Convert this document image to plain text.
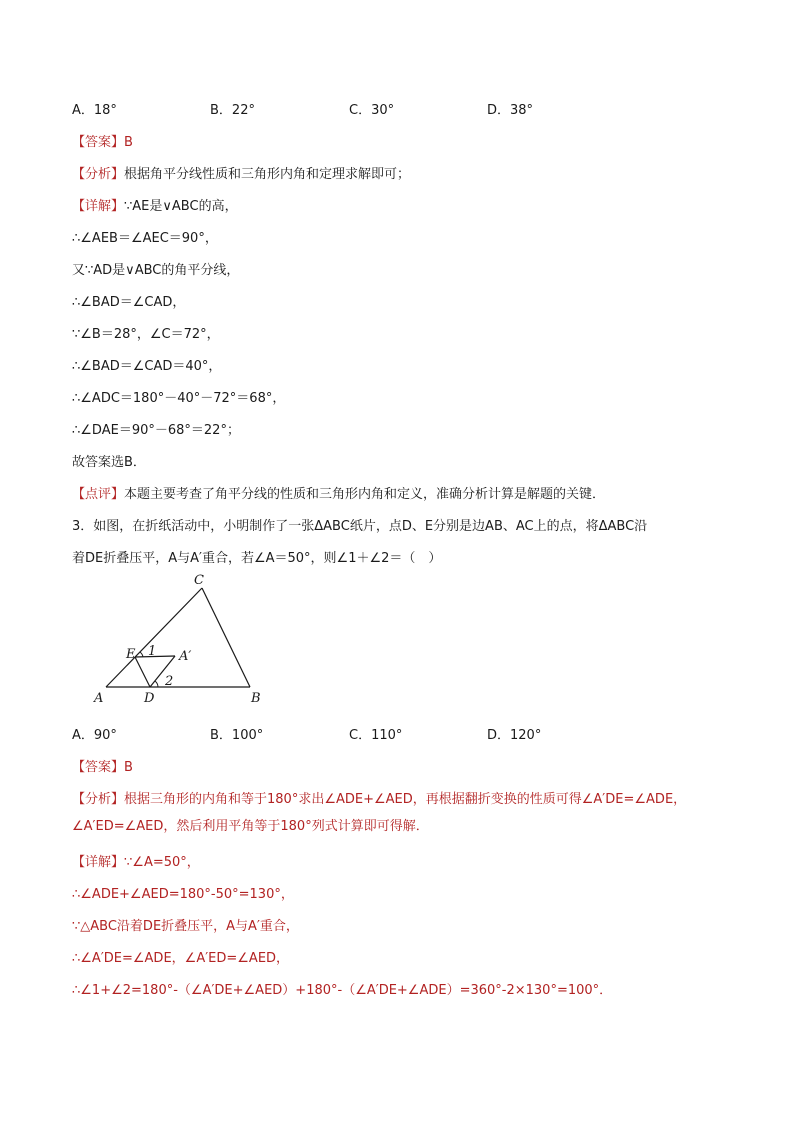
A．18°	B．22°	C．30°	D．38°
【答案】B
【分析】根据角平分线性质和三角形内角和定理求解即可；
【详解】∵AE是∨ABC的高，
∴∠AEB＝∠AEC＝90°，
又∵AD是∨ABC的角平分线，
∴∠BAD＝∠CAD，
∵∠B＝28°，∠C＝72°，
∴∠BAD＝∠CAD＝40°，
∴∠ADC＝180°－40°－72°＝68°，
∴∠DAE＝90°－68°＝22°；
故答案选B．
【点评】本题主要考查了角平分线的性质和三角形内角和定义，准确分析计算是解题的关键．
3．如图，在折纸活动中，小明制作了一张ΔABC纸片，点D、E分别是边AB、AC上的点，将ΔABC沿
着DE折叠压平，A与A′重合，若∠A＝50°，则∠1＋∠2＝（　）
C
E 1 A′
2
A	D	B
A．90°	B．100°	C．110°	D．120°
【答案】B
【分析】根据三角形的内角和等于180°求出∠ADE+∠AED，再根据翻折变换的性质可得∠A′DE=∠ADE，∠A′ED=∠AED，然后利用平角等于180°列式计算即可得解．
【详解】∵∠A=50°，
∴∠ADE+∠AED=180°-50°=130°，
∵△ABC沿着DE折叠压平，A与A′重合，
∴∠A′DE=∠ADE，∠A′ED=∠AED，
∴∠1+∠2=180°-（∠A′DE+∠AED）+180°-（∠A′DE+∠ADE）=360°-2×130°=100°．
